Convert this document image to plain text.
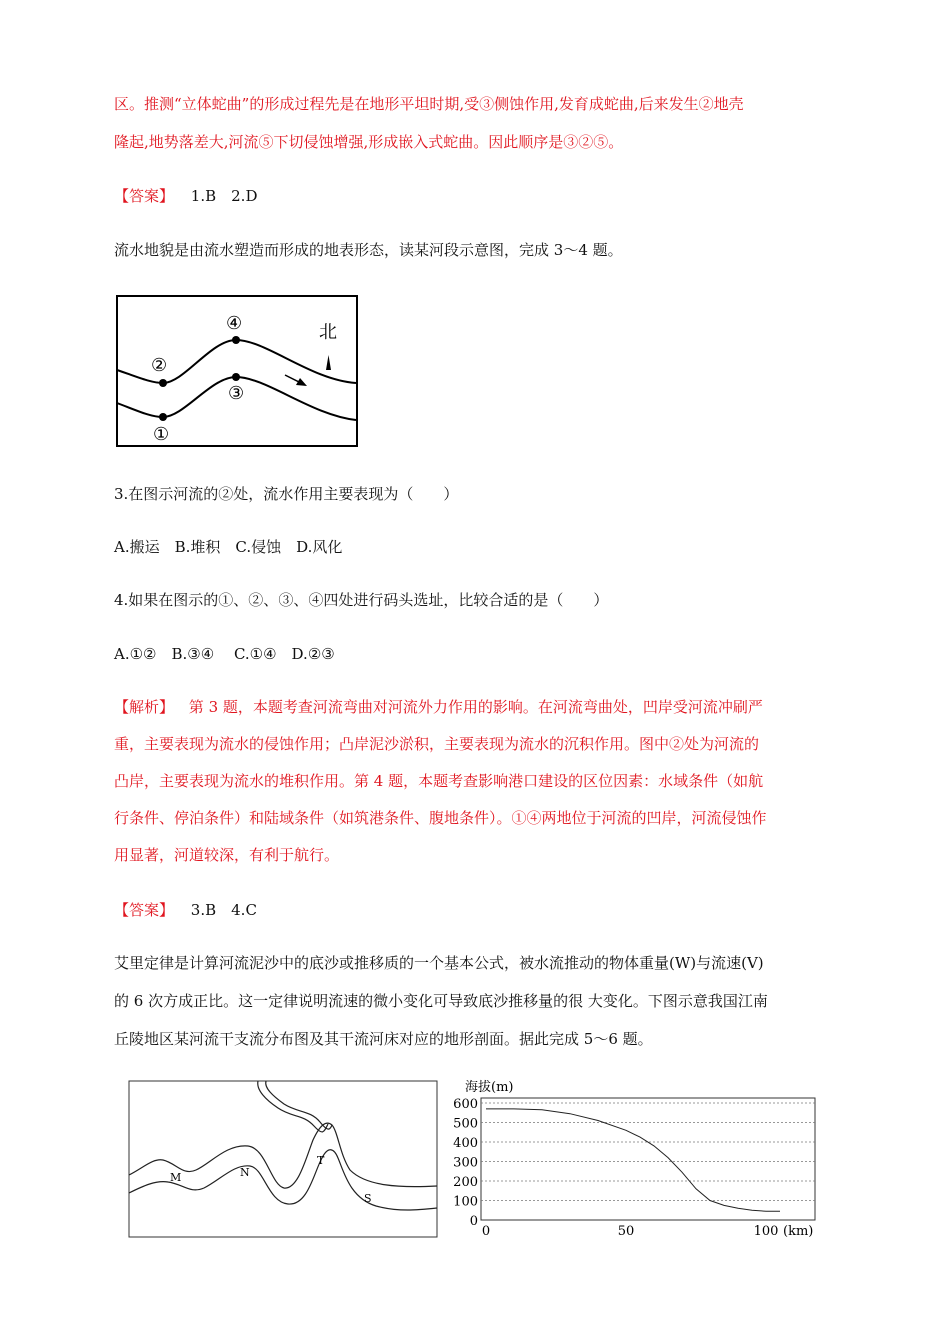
区。推测“立体蛇曲”的形成过程先是在地形平坦时期,受③侧蚀作用,发育成蛇曲,后来发生②地壳
隆起,地势落差大,河流⑤下切侵蚀增强,形成嵌入式蛇曲。因此顺序是③②⑤。
【答案】 1.B　2.D
流水地貌是由流水塑造而形成的地表形态，读某河段示意图，完成 3～4 题。
北
④
②
③
①
3.在图示河流的②处，流水作用主要表现为（　　）
A.搬运　B.堆积　C.侵蚀　D.风化
4.如果在图示的①、②、③、④四处进行码头选址，比较合适的是（　　）
A.①②　B.③④　 C.①④　D.②③
【解析】 第 3 题，本题考查河流弯曲对河流外力作用的影响。在河流弯曲处，凹岸受河流冲刷严
重，主要表现为流水的侵蚀作用；凸岸泥沙淤积，主要表现为流水的沉积作用。图中②处为河流的
凸岸，主要表现为流水的堆积作用。第 4 题，本题考查影响港口建设的区位因素：水域条件（如航
行条件、停泊条件）和陆域条件（如筑港条件、腹地条件）。①④两地位于河流的凹岸，河流侵蚀作
用显著，河道较深，有利于航行。
【答案】 3.B　4.C
艾里定律是计算河流泥沙中的底沙或推移质的一个基本公式，被水流推动的物体重量(W)与流速(V)
的 6 次方成正比。这一定律说明流速的微小变化可导致底沙推移量的很 大变化。下图示意我国江南
丘陵地区某河流干支流分布图及其干流河床对应的地形剖面。据此完成 5～6 题。
M	N
T
S
海拔(m)
0
100
200
300
400
500
600
0	50	100 (km)
